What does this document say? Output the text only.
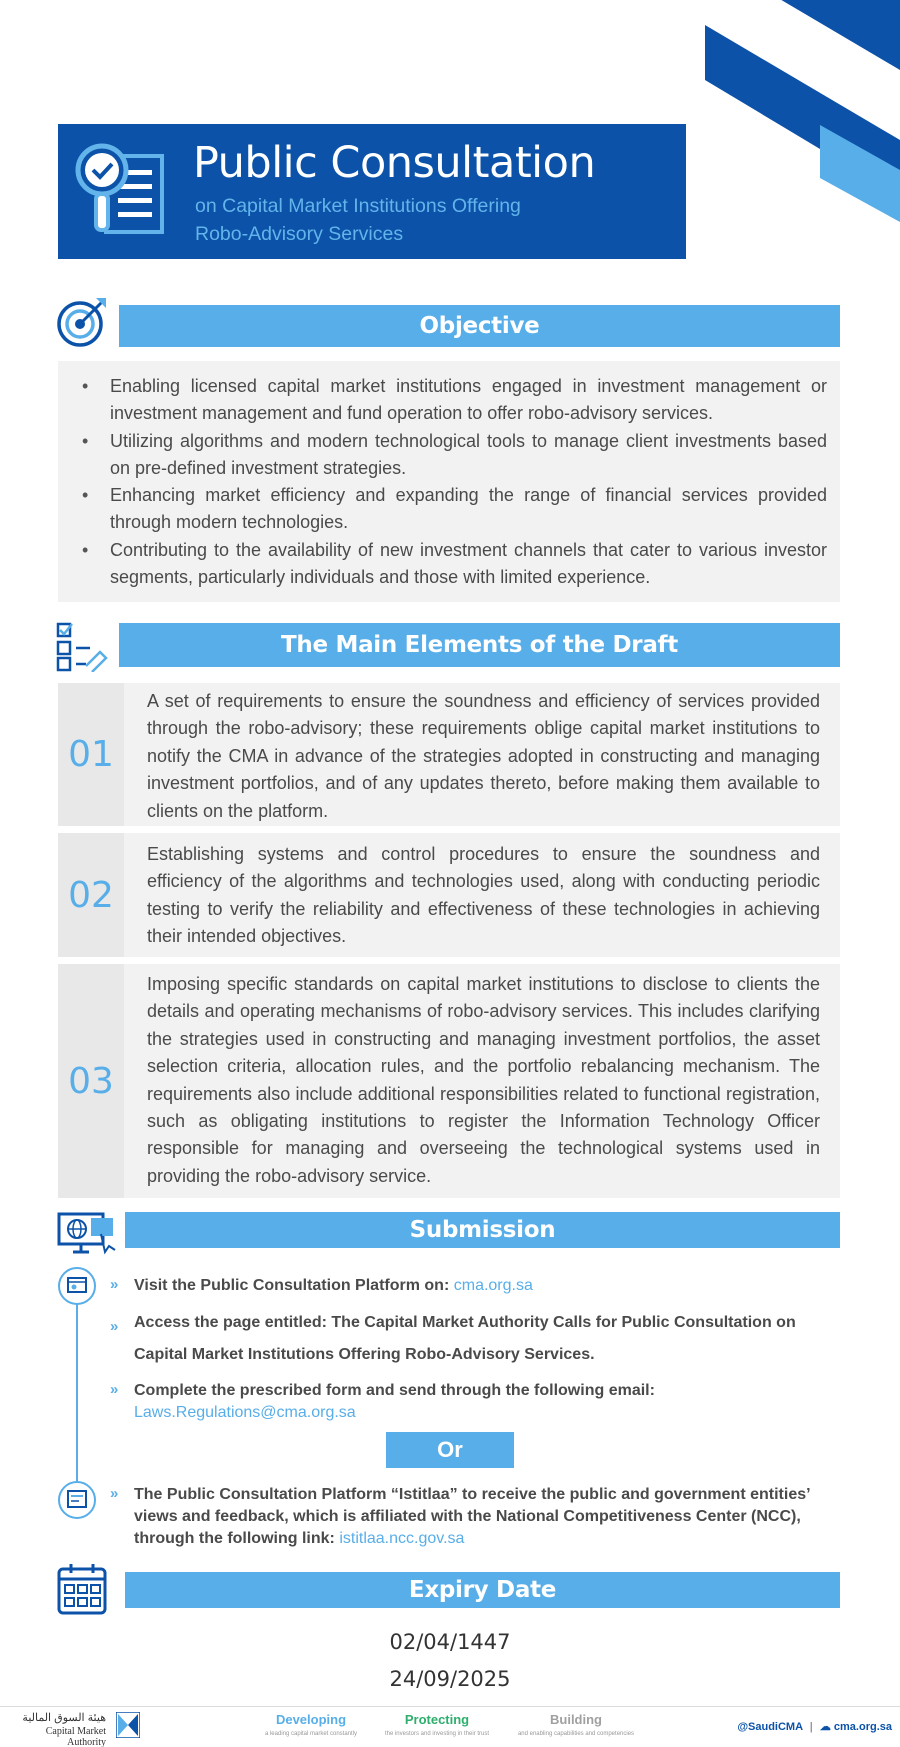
Public Consultation
on Capital Market Institutions Offering
Robo-Advisory Services
Objective
• Enabling licensed capital market institutions engaged in investment management or investment management and fund operation to offer robo-advisory services.
• Utilizing algorithms and modern technological tools to manage client investments based on pre-defined investment strategies.
• Enhancing market efficiency and expanding the range of financial services provided through modern technologies.
• Contributing to the availability of new investment channels that cater to various investor segments, particularly individuals and those with limited experience.
The Main Elements of the Draft
01
A set of requirements to ensure the soundness and efficiency of services provided through the robo-advisory; these requirements oblige capital market institutions to notify the CMA in advance of the strategies adopted in constructing and managing investment portfolios, and of any updates thereto, before making them available to clients on the platform.
02
Establishing systems and control procedures to ensure the soundness and efficiency of the algorithms and technologies used, along with conducting periodic testing to verify the reliability and effectiveness of these technologies in achieving their intended objectives.
03
Imposing specific standards on capital market institutions to disclose to clients the details and operating mechanisms of robo-advisory services. This includes clarifying the strategies used in constructing and managing investment portfolios, the asset selection criteria, allocation rules, and the portfolio rebalancing mechanism. The requirements also include additional responsibilities related to functional registration, such as obligating institutions to register the Information Technology Officer responsible for managing and overseeing the technological systems used in providing the robo-advisory service.
Submission
» Visit the Public Consultation Platform on: cma.org.sa
» Access the page entitled: The Capital Market Authority Calls for Public Consultation on Capital Market Institutions Offering Robo-Advisory Services.
» Complete the prescribed form and send through the following email:
Laws.Regulations@cma.org.sa
Or
» The Public Consultation Platform “Istitlaa” to receive the public and government entities’ views and feedback, which is affiliated with the National Competitiveness Center (NCC), through the following link: istitlaa.ncc.gov.sa
Expiry Date
02/04/1447
24/09/2025
هيئة السوق المالية
Capital Market Authority
Developing
a leading capital market constantly
Protecting
the investors and investing in their trust
Building
and enabling capabilities and competencies
@SaudiCMA | ☁ cma.org.sa
